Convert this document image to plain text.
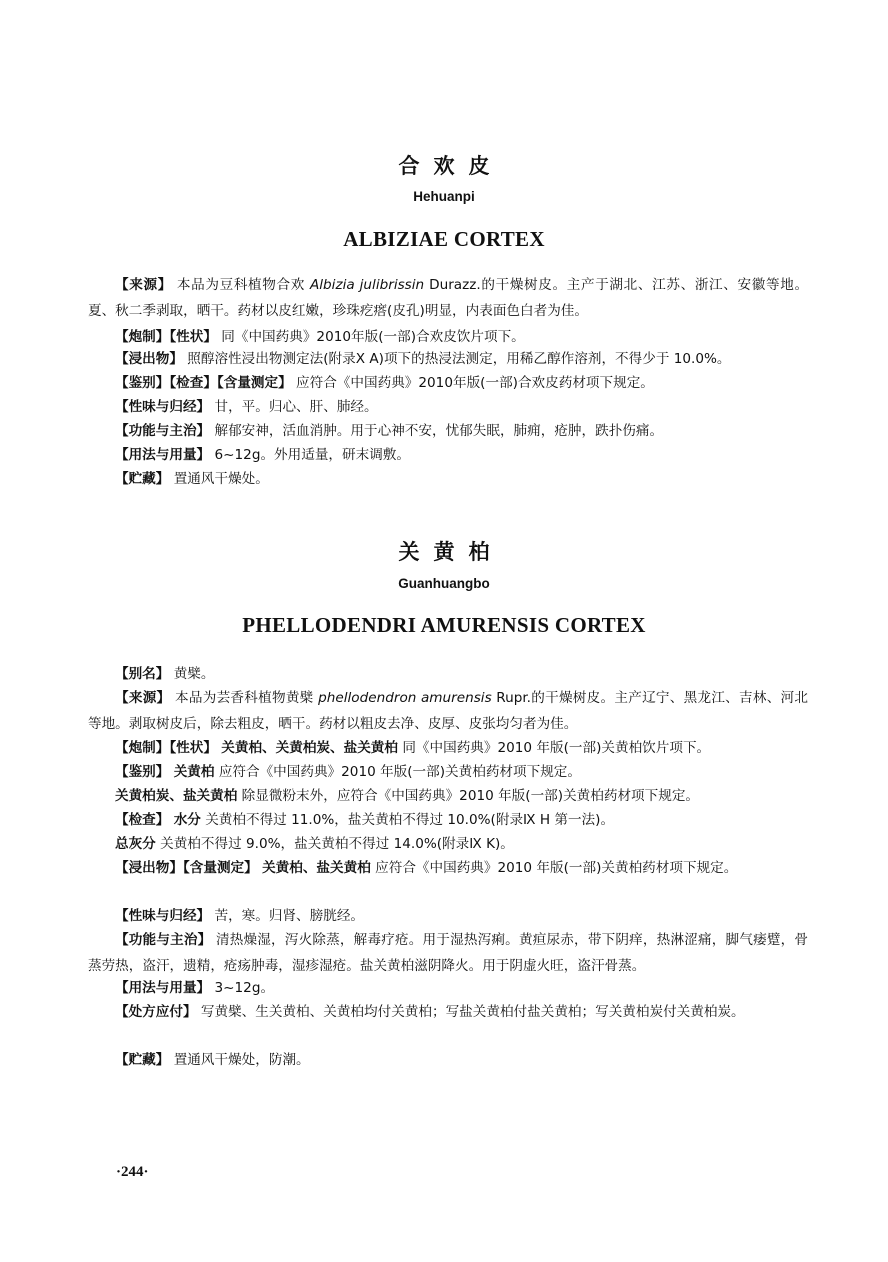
合欢皮
Hehuanpi
ALBIZIAE CORTEX
【来源】 本品为豆科植物合欢 Albizia julibrissin Durazz.的干燥树皮。主产于湖北、江苏、浙江、安徽等地。夏、秋二季剥取，晒干。药材以皮红嫩，珍珠疙瘩(皮孔)明显，内表面色白者为佳。
【炮制】【性状】 同《中国药典》2010年版(一部)合欢皮饮片项下。
【浸出物】 照醇溶性浸出物测定法(附录Ⅹ A)项下的热浸法测定，用稀乙醇作溶剂，不得少于 10.0%。
【鉴别】【检查】【含量测定】 应符合《中国药典》2010年版(一部)合欢皮药材项下规定。
【性味与归经】 甘，平。归心、肝、肺经。
【功能与主治】 解郁安神，活血消肿。用于心神不安，忧郁失眠，肺痈，疮肿，跌扑伤痛。
【用法与用量】 6~12g。外用适量，研末调敷。
【贮藏】 置通风干燥处。
关黄柏
Guanhuangbo
PHELLODENDRI AMURENSIS CORTEX
【别名】 黄檗。
【来源】 本品为芸香科植物黄檗 phellodendron amurensis Rupr.的干燥树皮。主产辽宁、黑龙江、吉林、河北等地。剥取树皮后，除去粗皮，晒干。药材以粗皮去净、皮厚、皮张均匀者为佳。
【炮制】【性状】 关黄柏、关黄柏炭、盐关黄柏 同《中国药典》2010 年版(一部)关黄柏饮片项下。
【鉴别】 关黄柏 应符合《中国药典》2010 年版(一部)关黄柏药材项下规定。
关黄柏炭、盐关黄柏 除显微粉末外，应符合《中国药典》2010 年版(一部)关黄柏药材项下规定。
【检查】 水分 关黄柏不得过 11.0%，盐关黄柏不得过 10.0%(附录Ⅸ H 第一法)。
总灰分 关黄柏不得过 9.0%，盐关黄柏不得过 14.0%(附录Ⅸ K)。
【浸出物】【含量测定】 关黄柏、盐关黄柏 应符合《中国药典》2010 年版(一部)关黄柏药材项下规定。
【性味与归经】 苦，寒。归肾、膀胱经。
【功能与主治】 清热燥湿，泻火除蒸，解毒疗疮。用于湿热泻痢。黄疸尿赤，带下阴痒，热淋涩痛，脚气痿躄，骨蒸劳热，盗汗，遗精，疮疡肿毒，湿疹湿疮。盐关黄柏滋阴降火。用于阴虚火旺，盗汗骨蒸。
【用法与用量】 3~12g。
【处方应付】 写黄檗、生关黄柏、关黄柏均付关黄柏；写盐关黄柏付盐关黄柏；写关黄柏炭付关黄柏炭。
【贮藏】 置通风干燥处，防潮。
·244·
